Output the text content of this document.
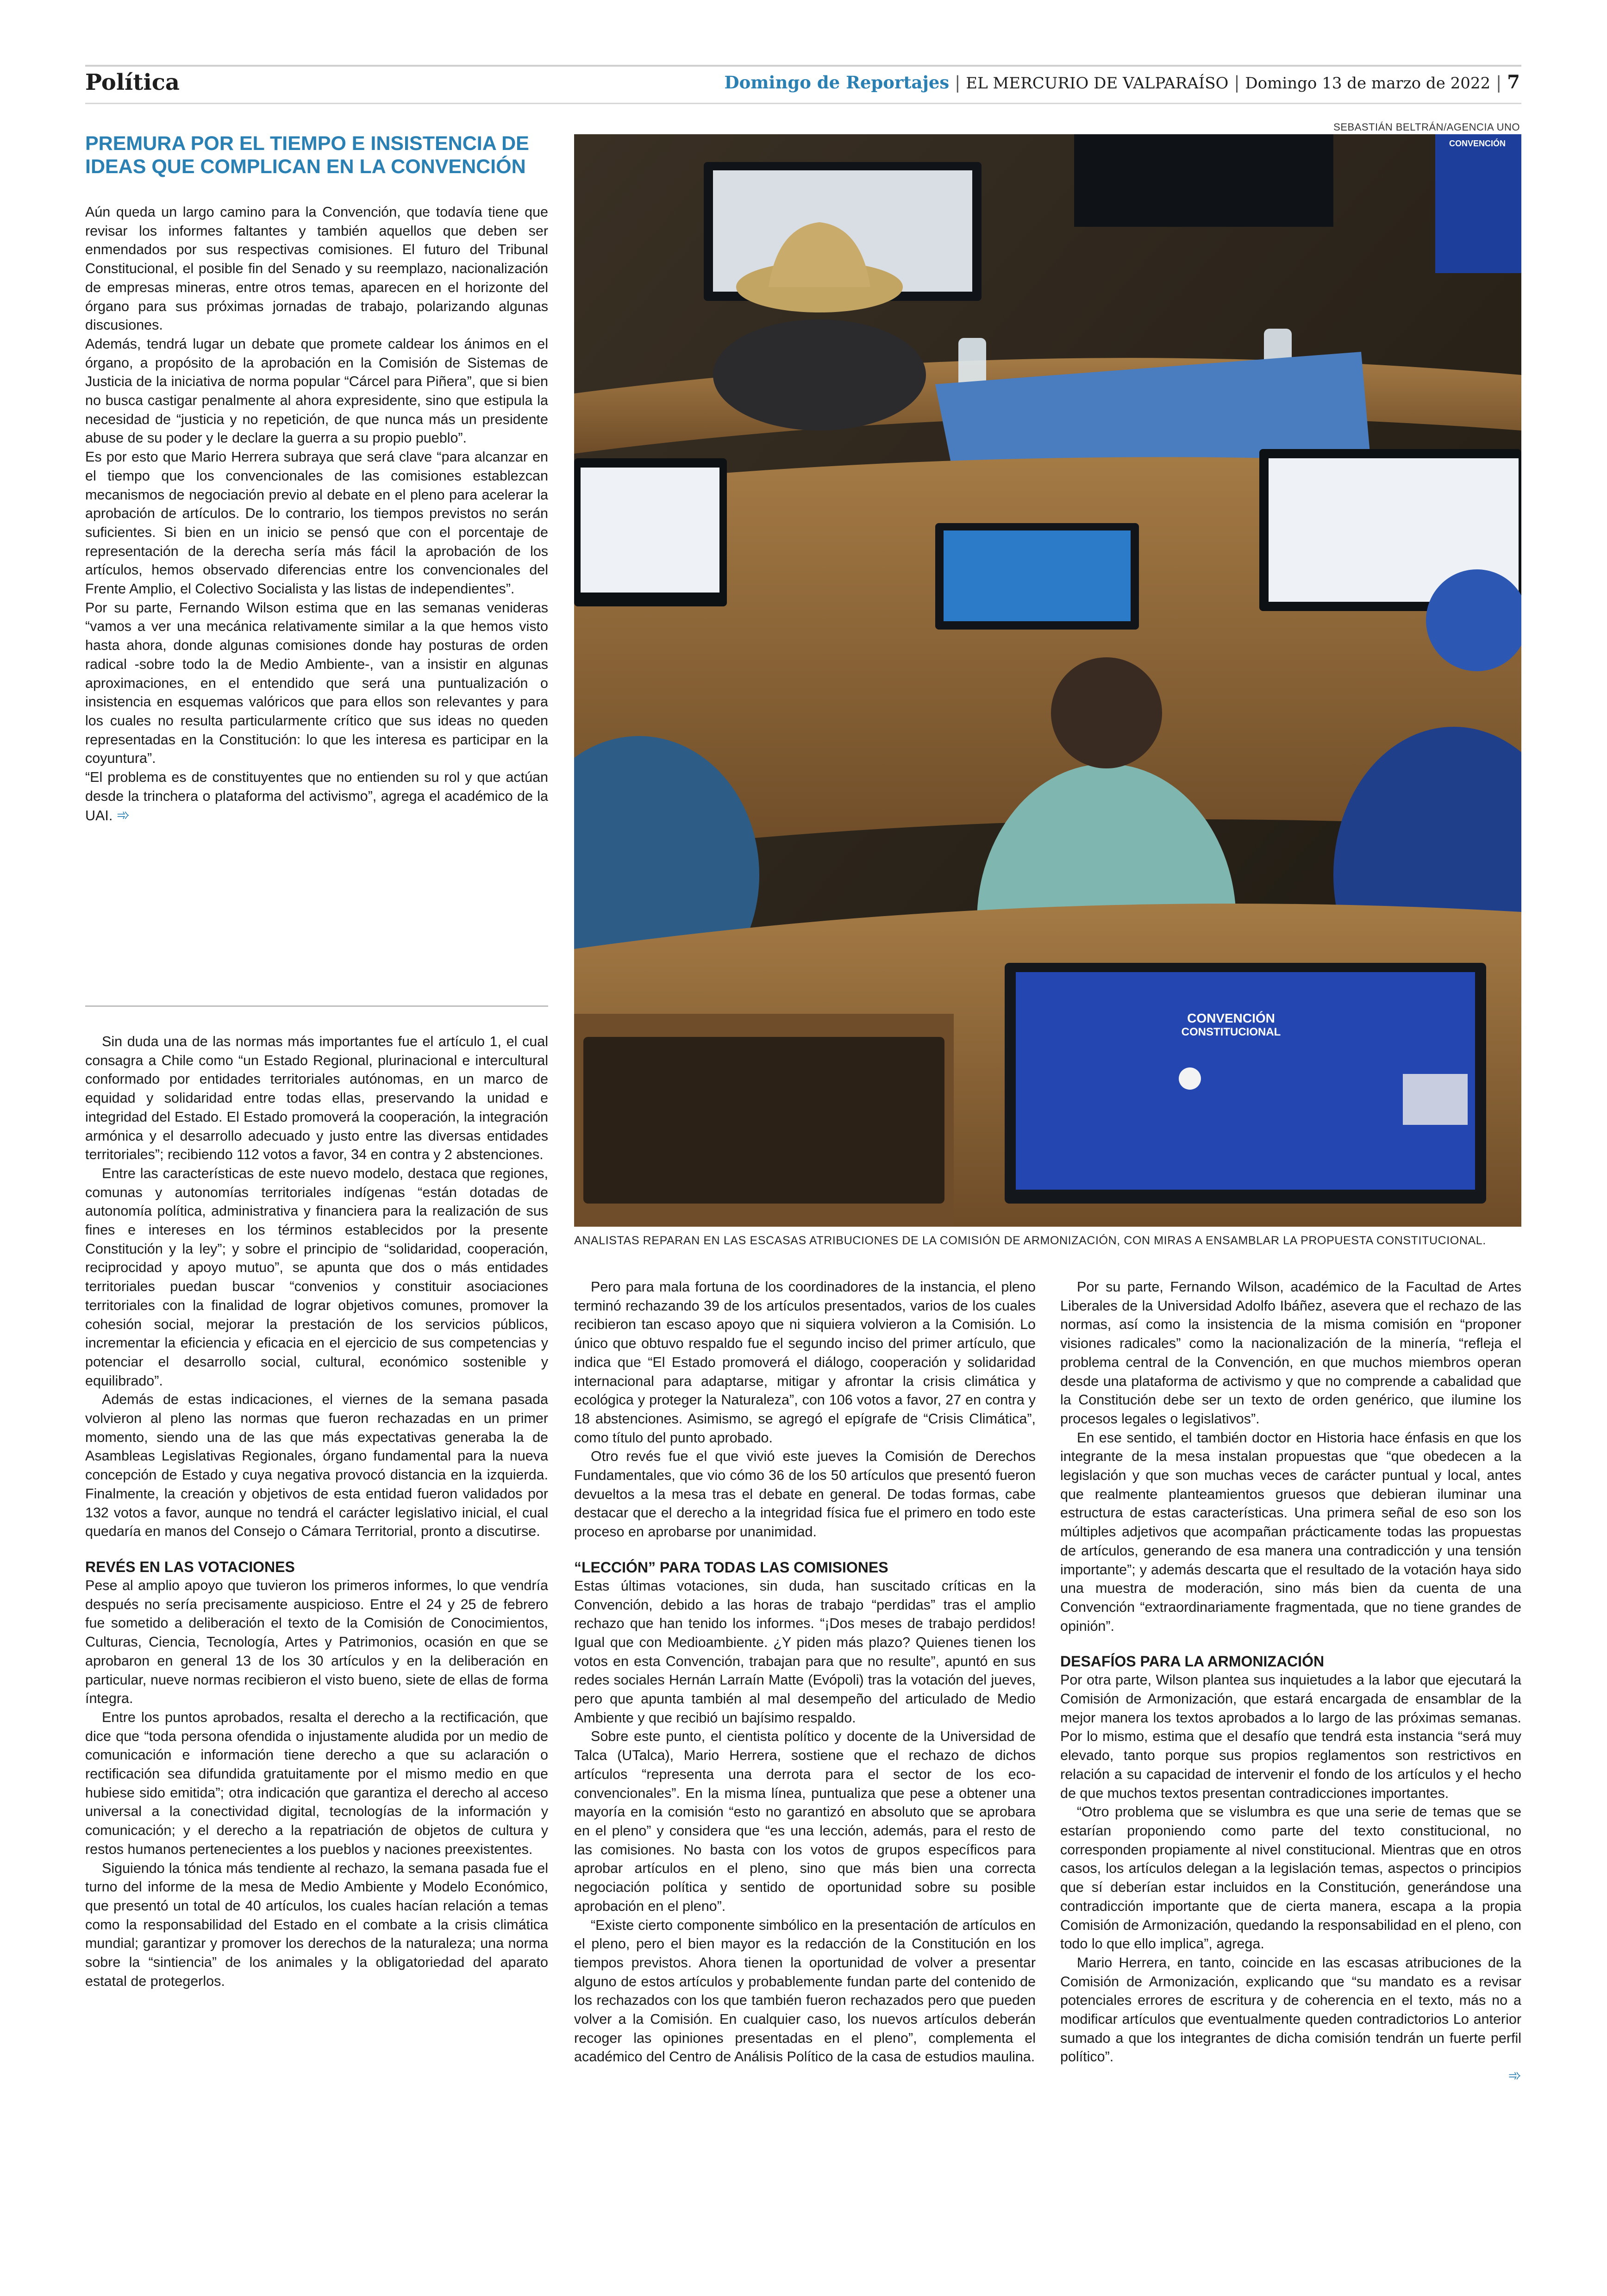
Política	Domingo de Reportajes | EL MERCURIO DE VALPARAÍSO | Domingo 13 de marzo de 2022 | 7
PREMURA POR EL TIEMPO E INSISTENCIA DE
IDEAS QUE COMPLICAN EN LA CONVENCIÓN

Aún queda un largo camino para la Convención, que todavía tiene que revisar los informes faltantes y también aquellos que deben ser enmendados por sus respectivas comisiones. El futuro del Tribunal Constitucional, el posible fin del Senado y su reemplazo, nacionalización de empresas mineras, entre otros temas, aparecen en el horizonte del órgano para sus próximas jornadas de trabajo, polarizando algunas discusiones.

Además, tendrá lugar un debate que promete caldear los ánimos en el órgano, a propósito de la aprobación en la Comisión de Sistemas de Justicia de la iniciativa de norma popular “Cárcel para Piñera”, que si bien no busca castigar penalmente al ahora expresidente, sino que estipula la necesidad de “justicia y no repetición, de que nunca más un presidente abuse de su poder y le declare la guerra a su propio pueblo”.

Es por esto que Mario Herrera subraya que será clave “para alcanzar en el tiempo que los convencionales de las comisiones establezcan mecanismos de negociación previo al debate en el pleno para acelerar la aprobación de artículos. De lo contrario, los tiempos previstos no serán suficientes. Si bien en un inicio se pensó que con el porcentaje de representación de la derecha sería más fácil la aprobación de los artículos, hemos observado diferencias entre los convencionales del Frente Amplio, el Colectivo Socialista y las listas de independientes”.

Por su parte, Fernando Wilson estima que en las semanas venideras “vamos a ver una mecánica relativamente similar a la que hemos visto hasta ahora, donde algunas comisiones donde hay posturas de orden radical -sobre todo la de Medio Ambiente-, van a insistir en algunas aproximaciones, en el entendido que será una puntualización o insistencia en esquemas valóricos que para ellos son relevantes y para los cuales no resulta particularmente crítico que sus ideas no queden representadas en la Constitución: lo que les interesa es participar en la coyuntura”.

“El problema es de constituyentes que no entienden su rol y que actúan desde la trinchera o plataforma del activismo”, agrega el académico de la UAI. ➾

SEBASTIÁN BELTRÁN/AGENCIA UNO
CONVENCIÓN
CONSTITUCIONAL
CONVENCIÓN
ANALISTAS REPARAN EN LAS ESCASAS ATRIBUCIONES DE LA COMISIÓN DE ARMONIZACIÓN, CON MIRAS A ENSAMBLAR LA PROPUESTA CONSTITUCIONAL.

Sin duda una de las normas más importantes fue el artículo 1, el cual consagra a Chile como “un Estado Regional, plurinacional e intercultural conformado por entidades territoriales autónomas, en un marco de equidad y solidaridad entre todas ellas, preservando la unidad e integridad del Estado. El Estado promoverá la cooperación, la integración armónica y el desarrollo adecuado y justo entre las diversas entidades territoriales”; recibiendo 112 votos a favor, 34 en contra y 2 abstenciones.

Entre las características de este nuevo modelo, destaca que regiones, comunas y autonomías territoriales indígenas “están dotadas de autonomía política, administrativa y financiera para la realización de sus fines e intereses en los términos establecidos por la presente Constitución y la ley”; y sobre el principio de “solidaridad, cooperación, reciprocidad y apoyo mutuo”, se apunta que dos o más entidades territoriales puedan buscar “convenios y constituir asociaciones territoriales con la finalidad de lograr objetivos comunes, promover la cohesión social, mejorar la prestación de los servicios públicos, incrementar la eficiencia y eficacia en el ejercicio de sus competencias y potenciar el desarrollo social, cultural, económico sostenible y equilibrado”.

Además de estas indicaciones, el viernes de la semana pasada volvieron al pleno las normas que fueron rechazadas en un primer momento, siendo una de las que más expectativas generaba la de Asambleas Legislativas Regionales, órgano fundamental para la nueva concepción de Estado y cuya negativa provocó distancia en la izquierda. Finalmente, la creación y objetivos de esta entidad fueron validados por 132 votos a favor, aunque no tendrá el carácter legislativo inicial, el cual quedaría en manos del Consejo o Cámara Territorial, pronto a discutirse.

REVÉS EN LAS VOTACIONES

Pese al amplio apoyo que tuvieron los primeros informes, lo que vendría después no sería precisamente auspicioso. Entre el 24 y 25 de febrero fue sometido a deliberación el texto de la Comisión de Conocimientos, Culturas, Ciencia, Tecnología, Artes y Patrimonios, ocasión en que se aprobaron en general 13 de los 30 artículos y en la deliberación en particular, nueve normas recibieron el visto bueno, siete de ellas de forma íntegra.

Entre los puntos aprobados, resalta el derecho a la rectificación, que dice que “toda persona ofendida o injustamente aludida por un medio de comunicación e información tiene derecho a que su aclaración o rectificación sea difundida gratuitamente por el mismo medio en que hubiese sido emitida”; otra indicación que garantiza el derecho al acceso universal a la conectividad digital, tecnologías de la información y comunicación; y el derecho a la repatriación de objetos de cultura y restos humanos pertenecientes a los pueblos y naciones preexistentes.

Siguiendo la tónica más tendiente al rechazo, la semana pasada fue el turno del informe de la mesa de Medio Ambiente y Modelo Económico, que presentó un total de 40 artículos, los cuales hacían relación a temas como la responsabilidad del Estado en el combate a la crisis climática mundial; garantizar y promover los derechos de la naturaleza; una norma sobre la “sintiencia” de los animales y la obligatoriedad del aparato estatal de protegerlos.

Pero para mala fortuna de los coordinadores de la instancia, el pleno terminó rechazando 39 de los artículos presentados, varios de los cuales recibieron tan escaso apoyo que ni siquiera volvieron a la Comisión. Lo único que obtuvo respaldo fue el segundo inciso del primer artículo, que indica que “El Estado promoverá el diálogo, cooperación y solidaridad internacional para adaptarse, mitigar y afrontar la crisis climática y ecológica y proteger la Naturaleza”, con 106 votos a favor, 27 en contra y 18 abstenciones. Asimismo, se agregó el epígrafe de “Crisis Climática”, como título del punto aprobado.

Otro revés fue el que vivió este jueves la Comisión de Derechos Fundamentales, que vio cómo 36 de los 50 artículos que presentó fueron devueltos a la mesa tras el debate en general. De todas formas, cabe destacar que el derecho a la integridad física fue el primero en todo este proceso en aprobarse por unanimidad.

“LECCIÓN” PARA TODAS LAS COMISIONES

Estas últimas votaciones, sin duda, han suscitado críticas en la Convención, debido a las horas de trabajo “perdidas” tras el amplio rechazo que han tenido los informes. “¡Dos meses de trabajo perdidos! Igual que con Medioambiente. ¿Y piden más plazo? Quienes tienen los votos en esta Convención, trabajan para que no resulte”, apuntó en sus redes sociales Hernán Larraín Matte (Evópoli) tras la votación del jueves, pero que apunta también al mal desempeño del articulado de Medio Ambiente y que recibió un bajísimo respaldo.

Sobre este punto, el cientista político y docente de la Universidad de Talca (UTalca), Mario Herrera, sostiene que el rechazo de dichos artículos “representa una derrota para el sector de los eco-convencionales”. En la misma línea, puntualiza que pese a obtener una mayoría en la comisión “esto no garantizó en absoluto que se aprobara en el pleno” y considera que “es una lección, además, para el resto de las comisiones. No basta con los votos de grupos específicos para aprobar artículos en el pleno, sino que más bien una correcta negociación política y sentido de oportunidad sobre su posible aprobación en el pleno”.

“Existe cierto componente simbólico en la presentación de artículos en el pleno, pero el bien mayor es la redacción de la Constitución en los tiempos previstos. Ahora tienen la oportunidad de volver a presentar alguno de estos artículos y probablemente fundan parte del contenido de los rechazados con los que también fueron rechazados pero que pueden volver a la Comisión. En cualquier caso, los nuevos artículos deberán recoger las opiniones presentadas en el pleno”, complementa el académico del Centro de Análisis Político de la casa de estudios maulina.

Por su parte, Fernando Wilson, académico de la Facultad de Artes Liberales de la Universidad Adolfo Ibáñez, asevera que el rechazo de las normas, así como la insistencia de la misma comisión en “proponer visiones radicales” como la nacionalización de la minería, “refleja el problema central de la Convención, en que muchos miembros operan desde una plataforma de activismo y que no comprende a cabalidad que la Constitución debe ser un texto de orden genérico, que ilumine los procesos legales o legislativos”.

En ese sentido, el también doctor en Historia hace énfasis en que los integrante de la mesa instalan propuestas que “que obedecen a la legislación y que son muchas veces de carácter puntual y local, antes que realmente planteamientos gruesos que debieran iluminar una estructura de estas características. Una primera señal de eso son los múltiples adjetivos que acompañan prácticamente todas las propuestas de artículos, generando de esa manera una contradicción y una tensión importante”; y además descarta que el resultado de la votación haya sido una muestra de moderación, sino más bien da cuenta de una Convención “extraordinariamente fragmentada, que no tiene grandes de opinión”.

DESAFÍOS PARA LA ARMONIZACIÓN

Por otra parte, Wilson plantea sus inquietudes a la labor que ejecutará la Comisión de Armonización, que estará encargada de ensamblar de la mejor manera los textos aprobados a lo largo de las próximas semanas. Por lo mismo, estima que el desafío que tendrá esta instancia “será muy elevado, tanto porque sus propios reglamentos son restrictivos en relación a su capacidad de intervenir el fondo de los artículos y el hecho de que muchos textos presentan contradicciones importantes.

“Otro problema que se vislumbra es que una serie de temas que se estarían proponiendo como parte del texto constitucional, no corresponden propiamente al nivel constitucional. Mientras que en otros casos, los artículos delegan a la legislación temas, aspectos o principios que sí deberían estar incluidos en la Constitución, generándose una contradicción importante que de cierta manera, escapa a la propia Comisión de Armonización, quedando la responsabilidad en el pleno, con todo lo que ello implica”, agrega.

Mario Herrera, en tanto, coincide en las escasas atribuciones de la Comisión de Armonización, explicando que “su mandato es a revisar potenciales errores de escritura y de coherencia en el texto, más no a modificar artículos que eventualmente queden contradictorios Lo anterior sumado a que los integrantes de dicha comisión tendrán un fuerte perfil político”.

➾
